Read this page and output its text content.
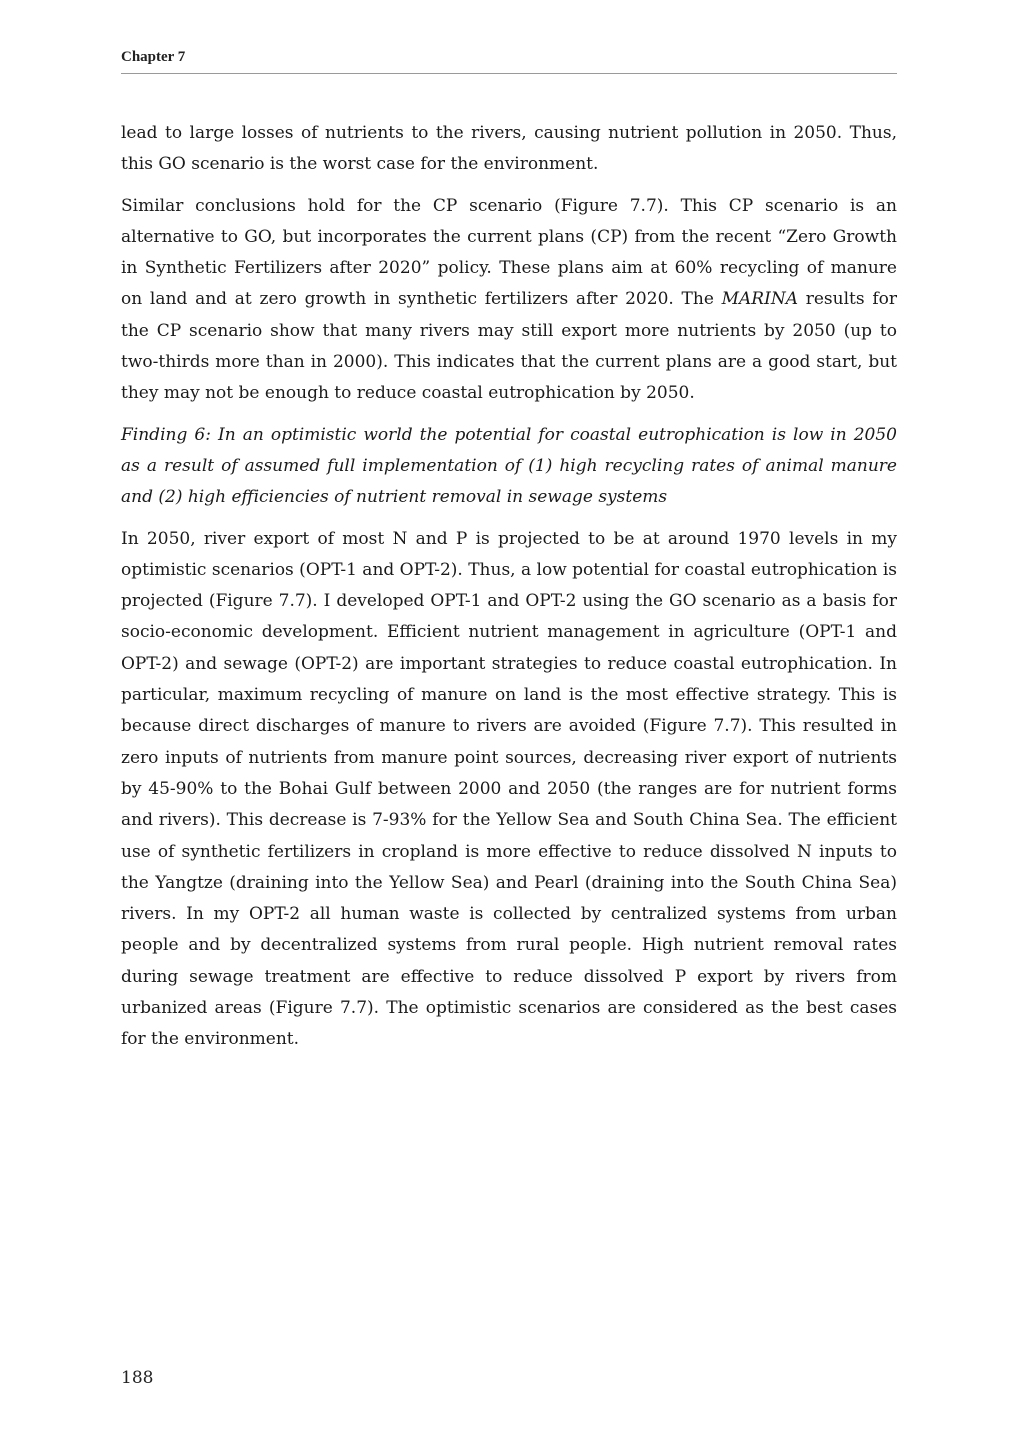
Chapter 7

lead to large losses of nutrients to the rivers, causing nutrient pollution in 2050. Thus, this GO scenario is the worst case for the environment.

Similar conclusions hold for the CP scenario (Figure 7.7). This CP scenario is an alternative to GO, but incorporates the current plans (CP) from the recent “Zero Growth in Synthetic Fertilizers after 2020” policy. These plans aim at 60% recycling of manure on land and at zero growth in synthetic fertilizers after 2020. The MARINA results for the CP scenario show that many rivers may still export more nutrients by 2050 (up to two-thirds more than in 2000). This indicates that the current plans are a good start, but they may not be enough to reduce coastal eutrophication by 2050.

Finding 6: In an optimistic world the potential for coastal eutrophication is low in 2050 as a result of assumed full implementation of (1) high recycling rates of animal manure and (2) high efficiencies of nutrient removal in sewage systems

In 2050, river export of most N and P is projected to be at around 1970 levels in my optimistic scenarios (OPT-1 and OPT-2). Thus, a low potential for coastal eutrophication is projected (Figure 7.7). I developed OPT-1 and OPT-2 using the GO scenario as a basis for socio-economic development. Efficient nutrient management in agriculture (OPT-1 and OPT-2) and sewage (OPT-2) are important strategies to reduce coastal eutrophication. In particular, maximum recycling of manure on land is the most effective strategy. This is because direct discharges of manure to rivers are avoided (Figure 7.7). This resulted in zero inputs of nutrients from manure point sources, decreasing river export of nutrients by 45-90% to the Bohai Gulf between 2000 and 2050 (the ranges are for nutrient forms and rivers). This decrease is 7-93% for the Yellow Sea and South China Sea. The efficient use of synthetic fertilizers in cropland is more effective to reduce dissolved N inputs to the Yangtze (draining into the Yellow Sea) and Pearl (draining into the South China Sea) rivers. In my OPT-2 all human waste is collected by centralized systems from urban people and by decentralized systems from rural people. High nutrient removal rates during sewage treatment are effective to reduce dissolved P export by rivers from urbanized areas (Figure 7.7). The optimistic scenarios are considered as the best cases for the environment.

188
